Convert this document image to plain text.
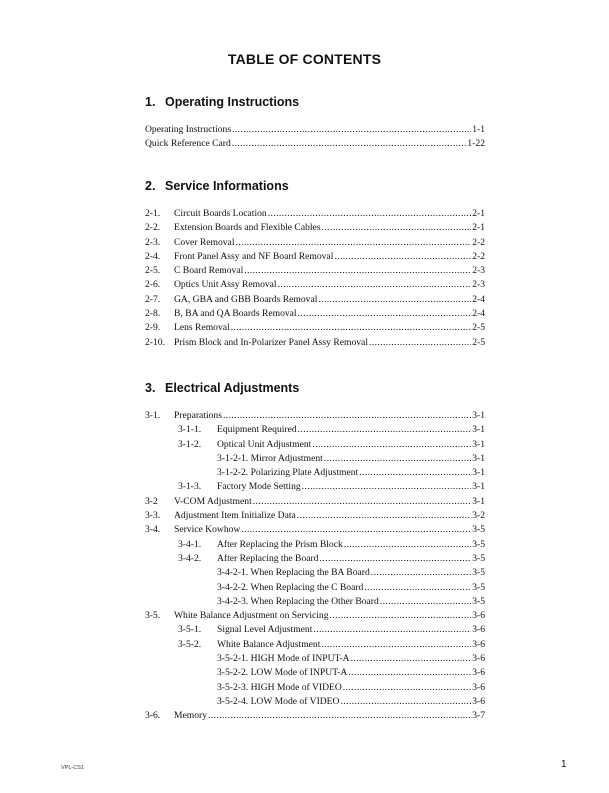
TABLE OF CONTENTS
1. Operating Instructions
Operating Instructions .....	1-1
Quick Reference Card .....	1-22
2. Service Informations
2-1. Circuit Boards Location .....	2-1
2-2. Extension Boards and Flexible Cables .....	2-1
2-3. Cover Removal .....	2-2
2-4. Front Panel Assy and NF Board Removal .....	2-2
2-5. C Board Removal .....	2-3
2-6. Optics Unit Assy Removal .....	2-3
2-7. GA, GBA and GBB Boards Removal .....	2-4
2-8. B, BA and QA Boards Removal .....	2-4
2-9. Lens Removal .....	2-5
2-10. Prism Block and In-Polarizer Panel Assy Removal .....	2-5
3. Electrical Adjustments
3-1. Preparations .....	3-1
3-1-1. Equipment Required .....	3-1
3-1-2. Optical Unit Adjustment .....	3-1
3-1-2-1. Mirror Adjustment .....	3-1
3-1-2-2. Polarizing Plate Adjustment .....	3-1
3-1-3. Factory Mode Setting .....	3-1
3-2 V-COM Adjustment .....	3-1
3-3. Adjustment Item Initialize Data .....	3-2
3-4. Service Kowhow .....	3-5
3-4-1. After Replacing the Prism Block .....	3-5
3-4-2. After Replacing the Board .....	3-5
3-4-2-1. When Replacing the BA Board .....	3-5
3-4-2-2. When Replacing the C Board .....	3-5
3-4-2-3. When Replacing the Other Board .....	3-5
3-5. White Balance Adjustment on Servicing .....	3-6
3-5-1. Signal Level Adjustment .....	3-6
3-5-2. White Balance Adjustment .....	3-6
3-5-2-1. HIGH Mode of INPUT-A .....	3-6
3-5-2-2. LOW Mode of INPUT-A .....	3-6
3-5-2-3. HIGH Mode of VIDEO .....	3-6
3-5-2-4. LOW Mode of VIDEO .....	3-6
3-6. Memory .....	3-7
VPL-CS1	1
